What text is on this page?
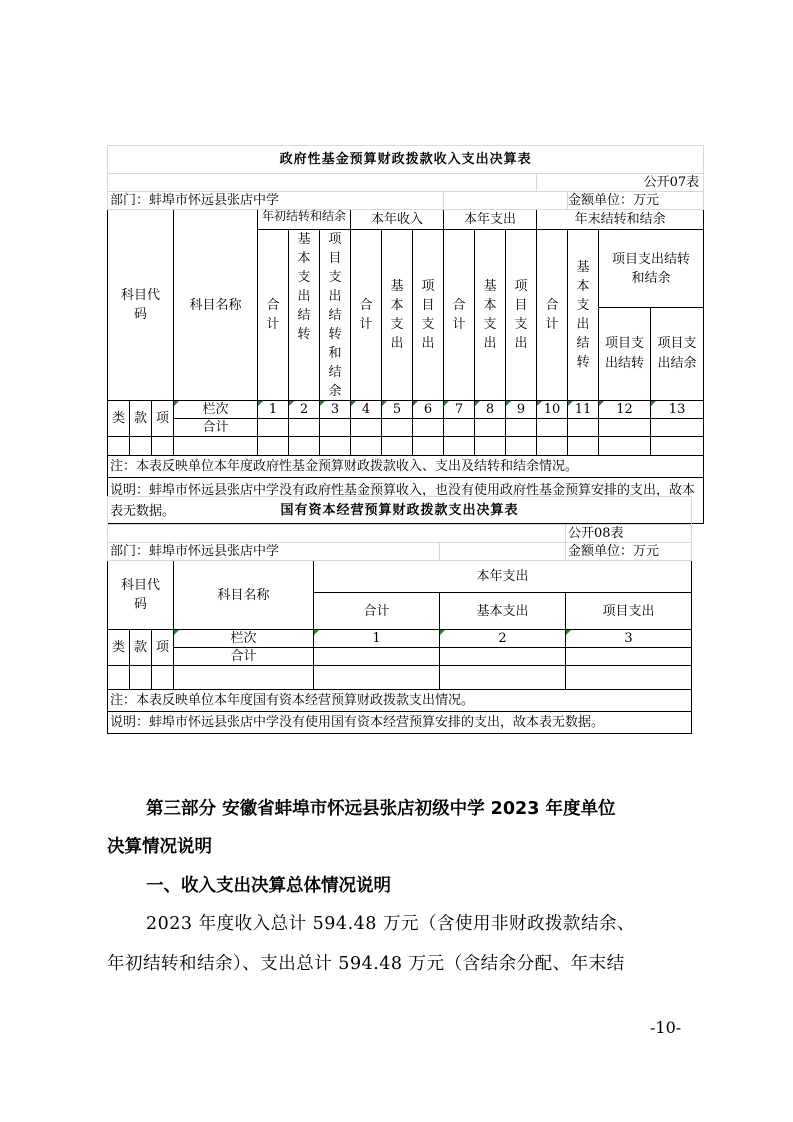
政府性基金预算财政拨款收入支出决算表																
													公开07表			
部门：蚌埠市怀远县张店中学														金额单位：万元		
科目代码			科目名称	年初结转和结余			本年收入			本年支出			年末结转和结余			
				合计	基本支出结转	项目支出结转和结余	合计	基本支出	项目支出	合计	基本支出	项目支出	合计	基本支出结转	项目支出结转和结余	
															项目支出结转	项目支出结余
类	款	项	栏次	1	2	3	4	5	6	7	8	9	10	11	12	13
			合计													

注：本表反映单位本年度政府性基金预算财政拨款收入、支出及结转和结余情况。																
说明：蚌埠市怀远县张店中学没有政府性基金预算收入，也没有使用政府性基金预算安排的支出，故本表无数据。																	国有资本经营预算财政拨款支出决算表						
						公开08表
部门：蚌埠市怀远县张店中学						金额单位：万元
科目代码			科目名称	本年支出		
				合计	基本支出	项目支出
类	款	项	栏次	1	2	3
			合计			

注：本表反映单位本年度国有资本经营预算财政拨款支出情况。						
说明：蚌埠市怀远县张店中学没有使用国有资本经营预算安排的支出，故本表无数据。						
第三部分 安徽省蚌埠市怀远县张店初级中学 2023 年度单位
决算情况说明
一、收入支出决算总体情况说明
2023 年度收入总计 594.48 万元（含使用非财政拨款结余、
年初结转和结余）、支出总计 594.48 万元（含结余分配、年末结
-10-
